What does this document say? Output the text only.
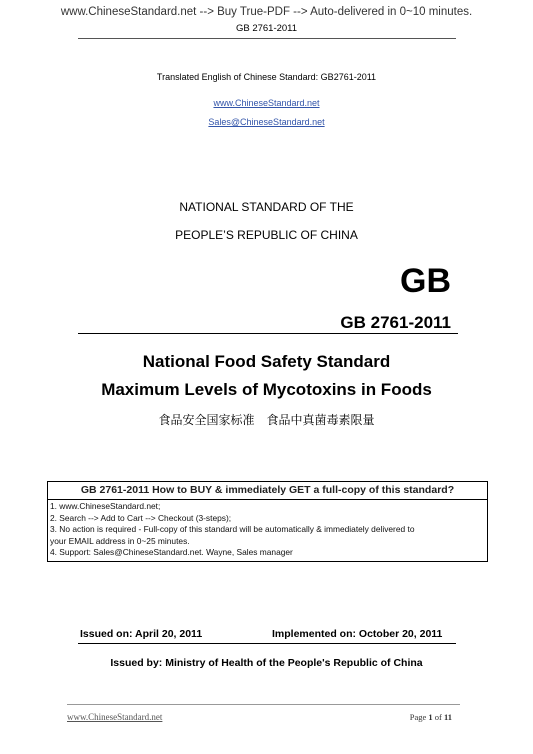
www.ChineseStandard.net --> Buy True-PDF --> Auto-delivered in 0~10 minutes.
GB 2761-2011
Translated English of Chinese Standard: GB2761-2011
www.ChineseStandard.net
Sales@ChineseStandard.net
NATIONAL STANDARD OF THE
PEOPLE’S REPUBLIC OF CHINA
GB
GB 2761-2011
National Food Safety Standard
Maximum Levels of Mycotoxins in Foods
食品安全国家标准　食品中真菌毒素限量
GB 2761-2011 How to BUY & immediately GET a full-copy of this standard?
1. www.ChineseStandard.net;
2. Search --> Add to Cart --> Checkout (3-steps);
3. No action is required - Full-copy of this standard will be automatically & immediately delivered to
your EMAIL address in 0~25 minutes.
4. Support: Sales@ChineseStandard.net. Wayne, Sales manager
Issued on: April 20, 2011	Implemented on: October 20, 2011
Issued by: Ministry of Health of the People's Republic of China
www.ChineseStandard.net	Page 1 of 11
